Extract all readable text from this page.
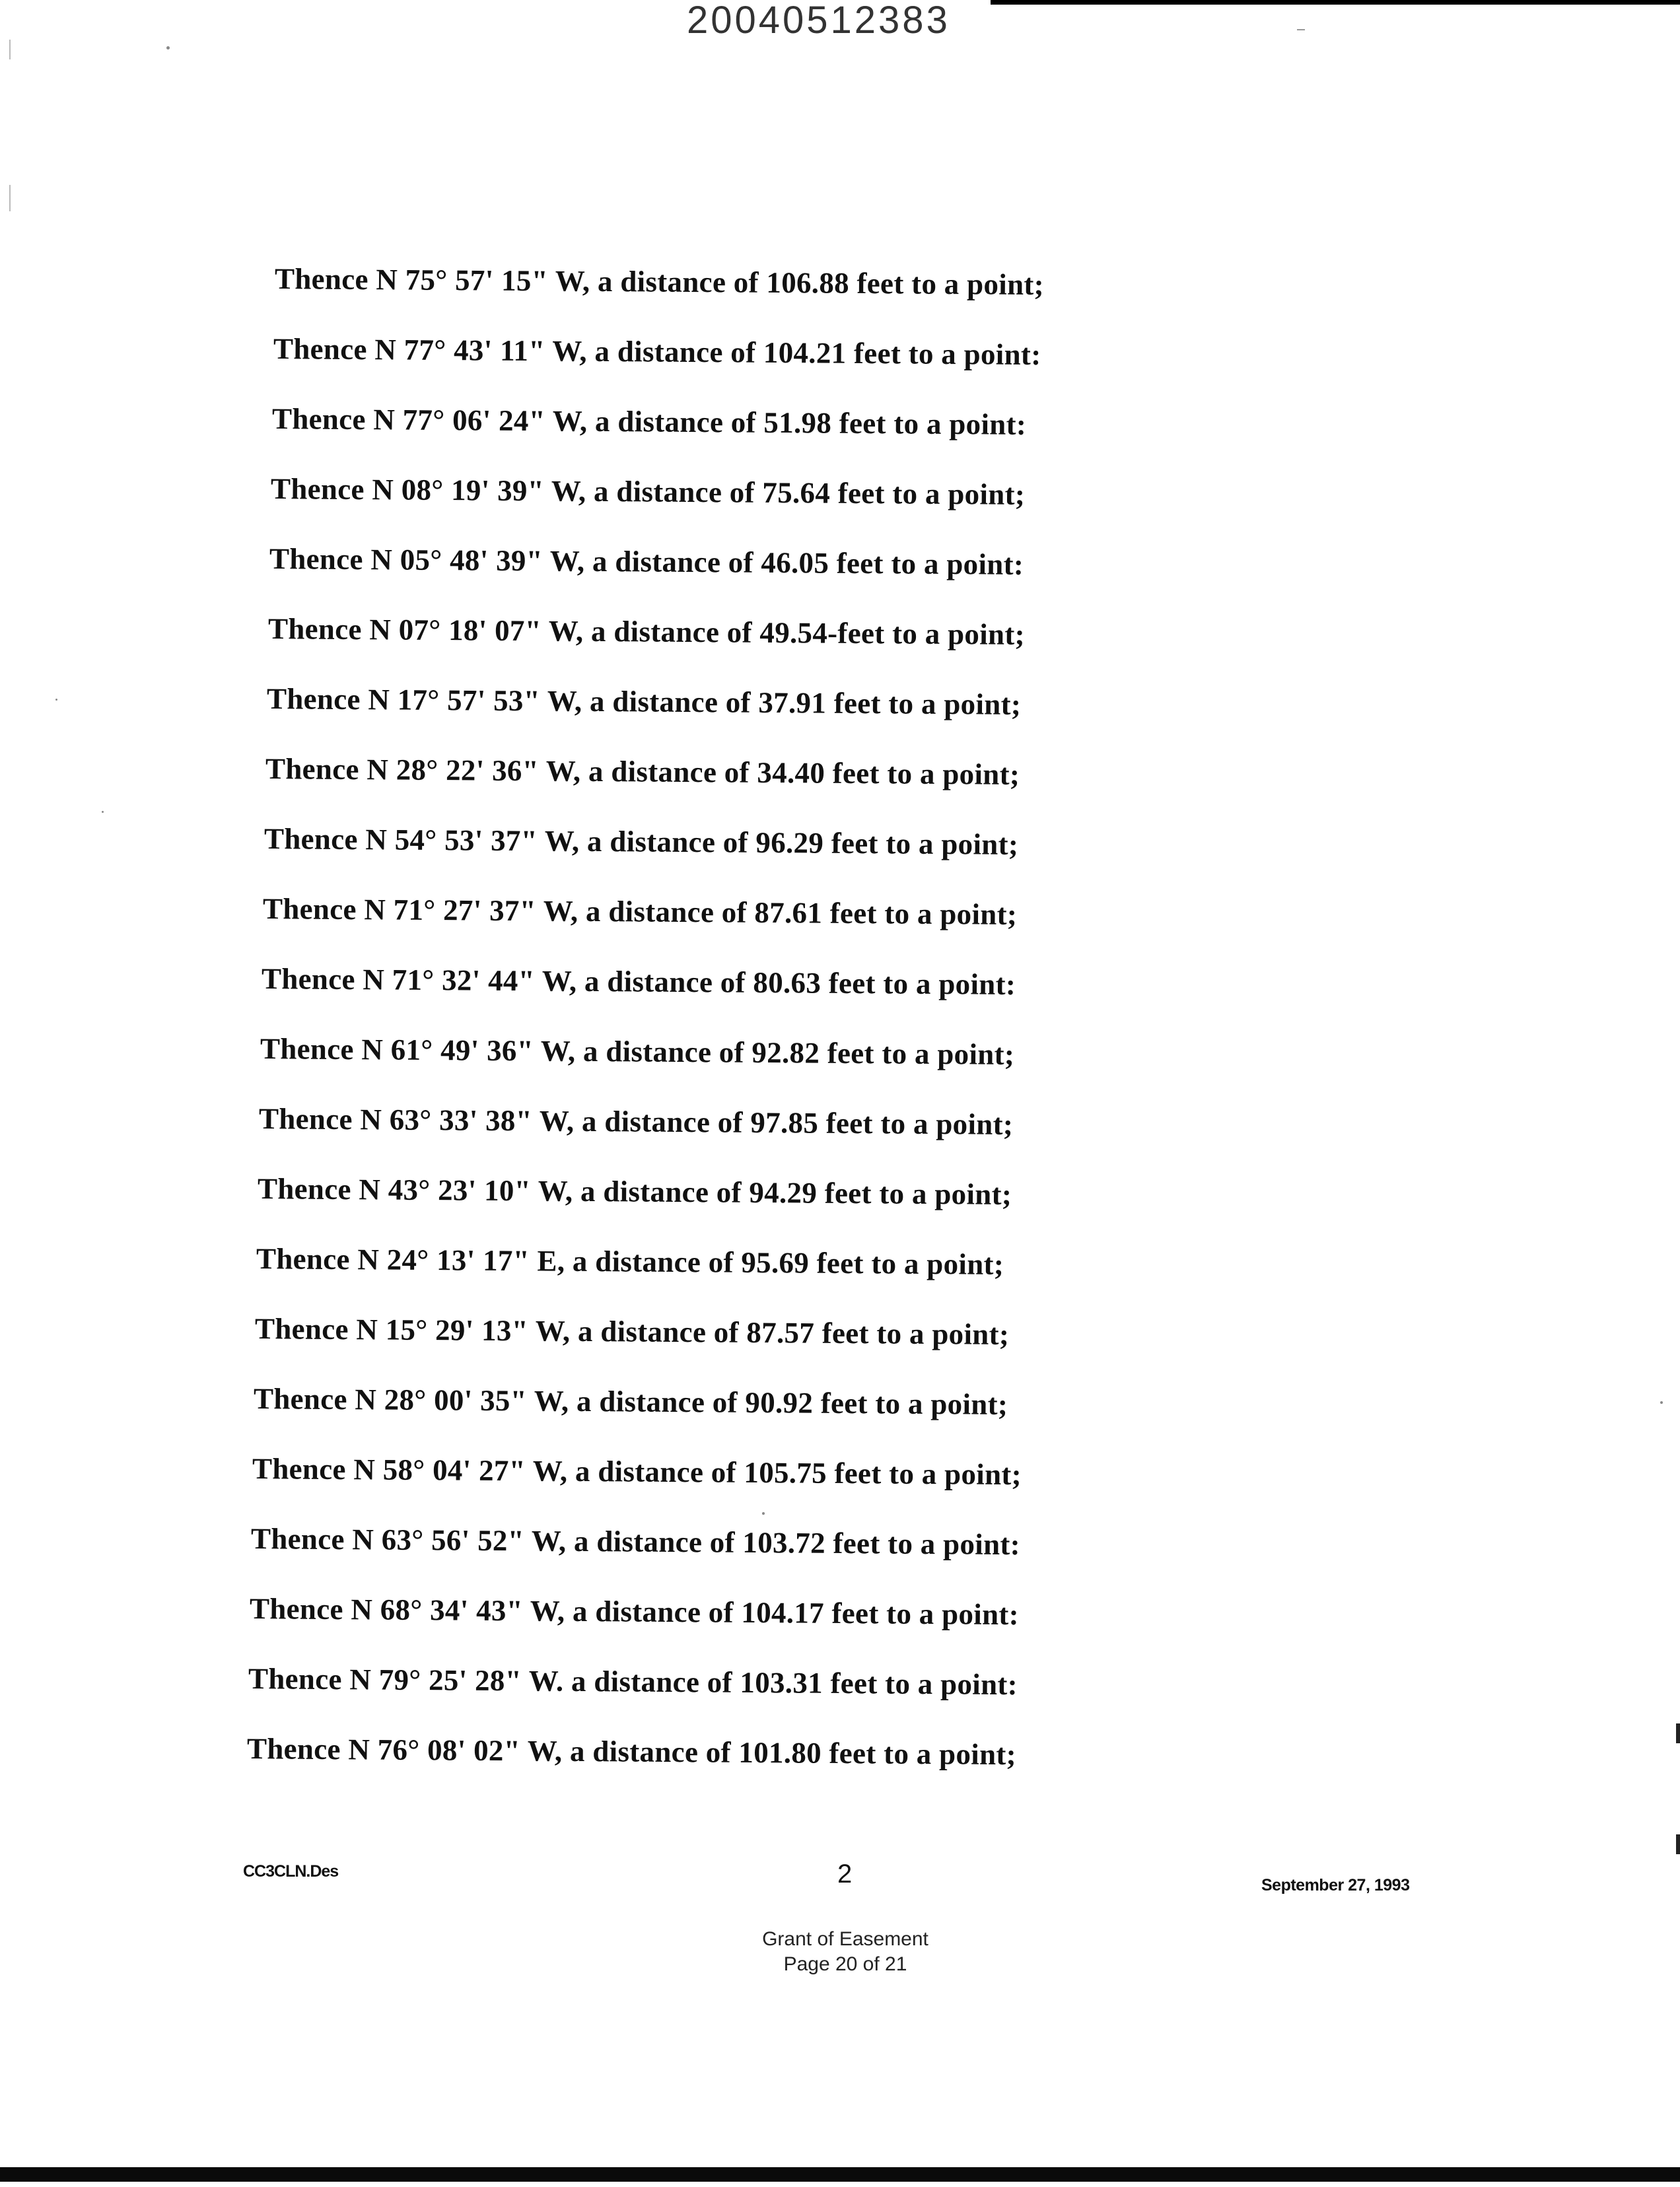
20040512383
Thence N 75° 57' 15" W, a distance of 106.88 feet to a point;
Thence N 77° 43' 11" W, a distance of 104.21 feet to a point:
Thence N 77° 06' 24" W, a distance of 51.98 feet to a point:
Thence N 08° 19' 39" W, a distance of 75.64 feet to a point;
Thence N 05° 48' 39" W, a distance of 46.05 feet to a point:
Thence N 07° 18' 07" W, a distance of 49.54-feet to a point;
Thence N 17° 57' 53" W, a distance of 37.91 feet to a point;
Thence N 28° 22' 36" W, a distance of 34.40 feet to a point;
Thence N 54° 53' 37" W, a distance of 96.29 feet to a point;
Thence N 71° 27' 37" W, a distance of 87.61 feet to a point;
Thence N 71° 32' 44" W, a distance of 80.63 feet to a point:
Thence N 61° 49' 36" W, a distance of 92.82 feet to a point;
Thence N 63° 33' 38" W, a distance of 97.85 feet to a point;
Thence N 43° 23' 10" W, a distance of 94.29 feet to a point;
Thence N 24° 13' 17" E, a distance of 95.69 feet to a point;
Thence N 15° 29' 13" W, a distance of 87.57 feet to a point;
Thence N 28° 00' 35" W, a distance of 90.92 feet to a point;
Thence N 58° 04' 27" W, a distance of 105.75 feet to a point;
Thence N 63° 56' 52" W, a distance of 103.72 feet to a point:
Thence N 68° 34' 43" W, a distance of 104.17 feet to a point:
Thence N 79° 25' 28" W. a distance of 103.31 feet to a point:
Thence N 76° 08' 02" W, a distance of 101.80 feet to a point;
CC3CLN.Des	2	September 27, 1993
Grant of Easement
Page 20 of 21
